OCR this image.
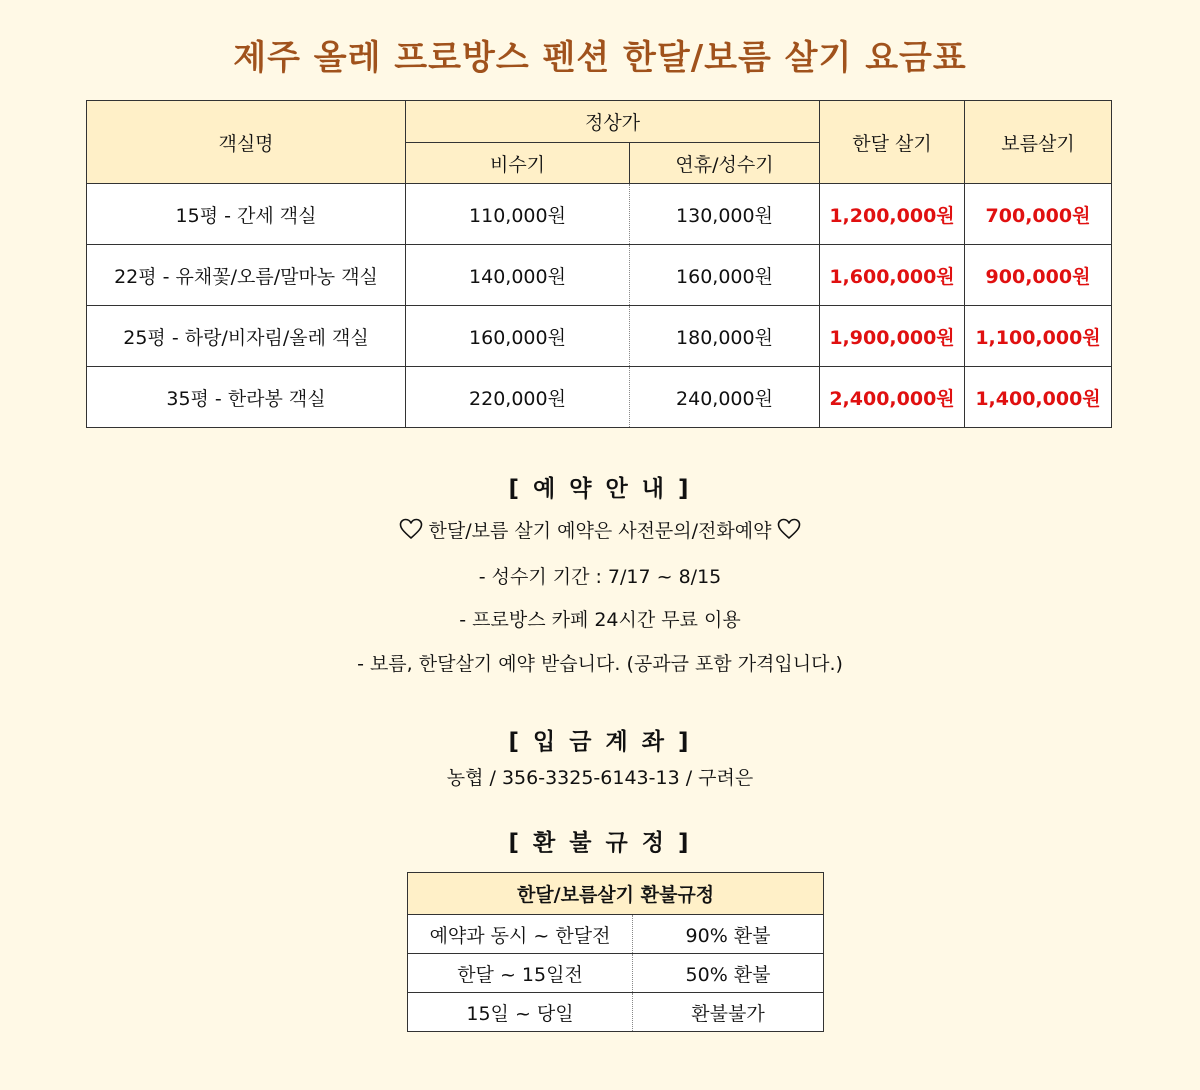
제주 올레 프로방스 펜션 한달/보름 살기 요금표
객실명	정상가		한달 살기	보름살기
	비수기	연휴/성수기		
15평 - 간세 객실	110,000원	130,000원	1,200,000원	700,000원
22평 - 유채꽃/오름/말마농 객실	140,000원	160,000원	1,600,000원	900,000원
25평 - 하랑/비자림/올레 객실	160,000원	180,000원	1,900,000원	1,100,000원
35평 - 한라봉 객실	220,000원	240,000원	2,400,000원	1,400,000원
[ 예 약 안 내 ]
한달/보름 살기 예약은 사전문의/전화예약
- 성수기 기간 : 7/17 ~ 8/15
- 프로방스 카페 24시간 무료 이용
- 보름, 한달살기 예약 받습니다. (공과금 포함 가격입니다.)
[ 입 금 계 좌 ]
농협 / 356-3325-6143-13 / 구려은
[ 환 불 규 정 ]
한달/보름살기 환불규정	
예약과 동시 ~ 한달전	90% 환불
한달 ~ 15일전	50% 환불
15일 ~ 당일	환불불가
